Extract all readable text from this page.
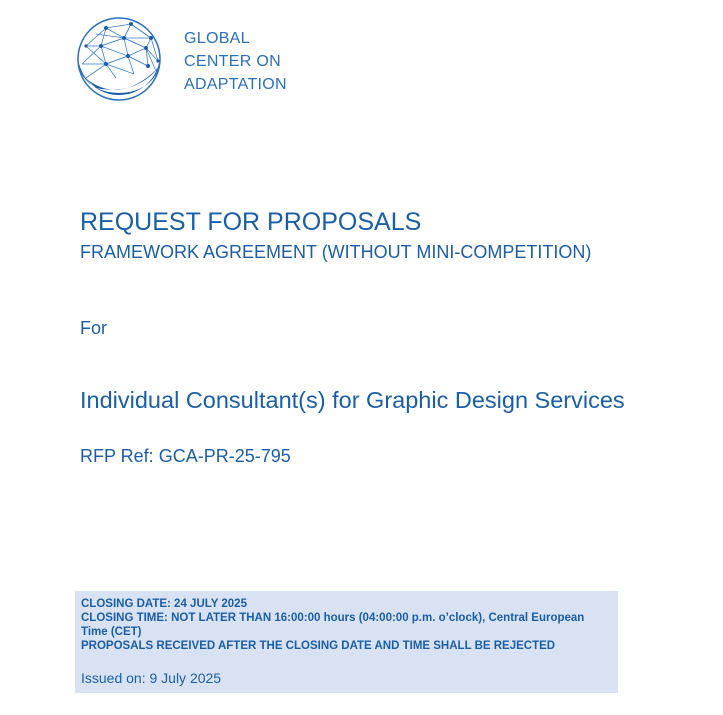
GLOBAL
CENTER ON
ADAPTATION
REQUEST FOR PROPOSALS
FRAMEWORK AGREEMENT (WITHOUT MINI-COMPETITION)
For
Individual Consultant(s) for Graphic Design Services
RFP Ref: GCA-PR-25-795
CLOSING DATE: 24 JULY 2025
CLOSING TIME: NOT LATER THAN 16:00:00 hours (04:00:00 p.m. o’clock), Central European Time (CET)
PROPOSALS RECEIVED AFTER THE CLOSING DATE AND TIME SHALL BE REJECTED
Issued on: 9 July 2025
